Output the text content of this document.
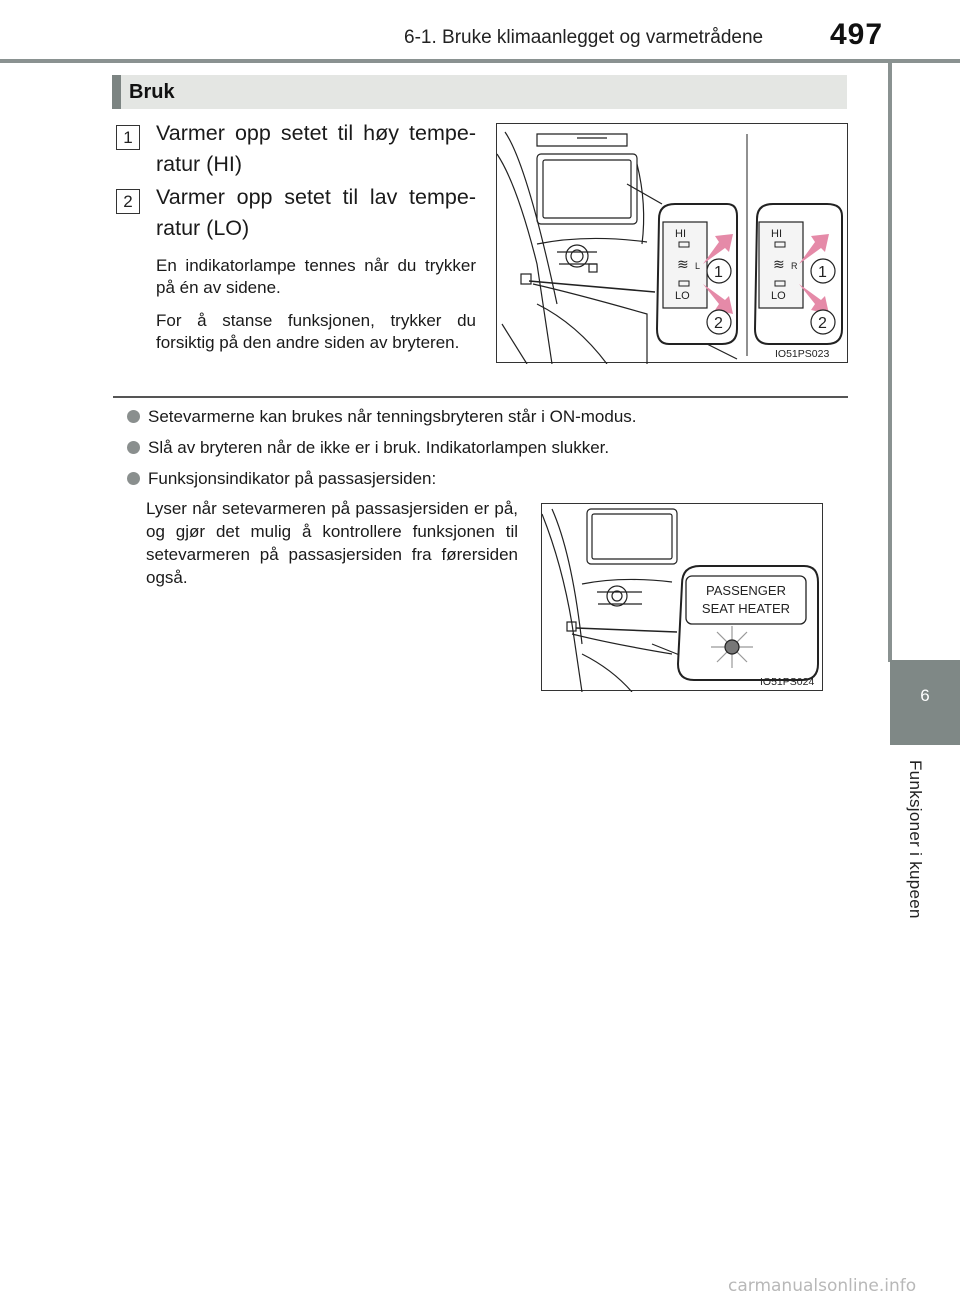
6-1. Bruke klimaanlegget og varmetrådene 497
6
Funksjoner i kupeen
Bruk
1	Varmer opp setet til høy temperatur (HI)
2	Varmer opp setet til lav temperatur (LO)
En indikatorlampe tennes når du trykker på én av sidene.
For å stanse funksjonen, trykker du forsiktig på den andre siden av bryteren.
HI
≋ L
LO
1
2
HI
≋ R
LO
1
2
IO51PS023
Setevarmerne kan brukes når tenningsbryteren står i ON-modus.
Slå av bryteren når de ikke er i bruk. Indikatorlampen slukker.
Funksjonsindikator på passasjersiden:
Lyser når setevarmeren på passasjersiden er på, og gjør det mulig å kontrollere funksjonen til setevarmeren på passasjersiden fra førersiden også.
PASSENGER
SEAT HEATER
IO51PS024
carmanualsonline.info
